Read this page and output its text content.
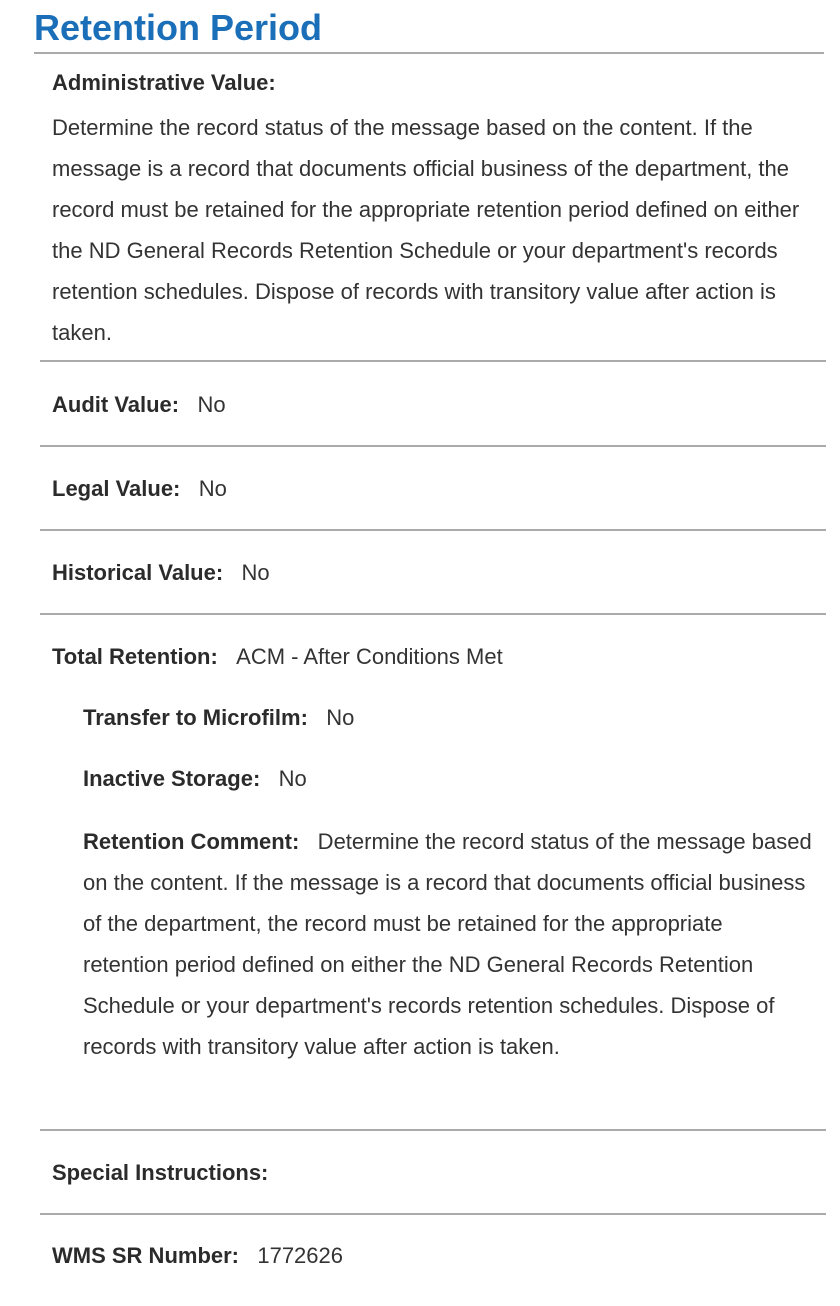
Retention Period
Administrative Value:
Determine the record status of the message based on the content. If the message is a record that documents official business of the department, the record must be retained for the appropriate retention period defined on either the ND General Records Retention Schedule or your department's records retention schedules. Dispose of records with transitory value after action is taken.
Audit Value:   No
Legal Value:   No
Historical Value:   No
Total Retention:   ACM - After Conditions Met
Transfer to Microfilm:   No
Inactive Storage:   No
Retention Comment:   Determine the record status of the message based on the content. If the message is a record that documents official business of the department, the record must be retained for the appropriate retention period defined on either the ND General Records Retention Schedule or your department's records retention schedules. Dispose of records with transitory value after action is taken.
Special Instructions:
WMS SR Number:   1772626
